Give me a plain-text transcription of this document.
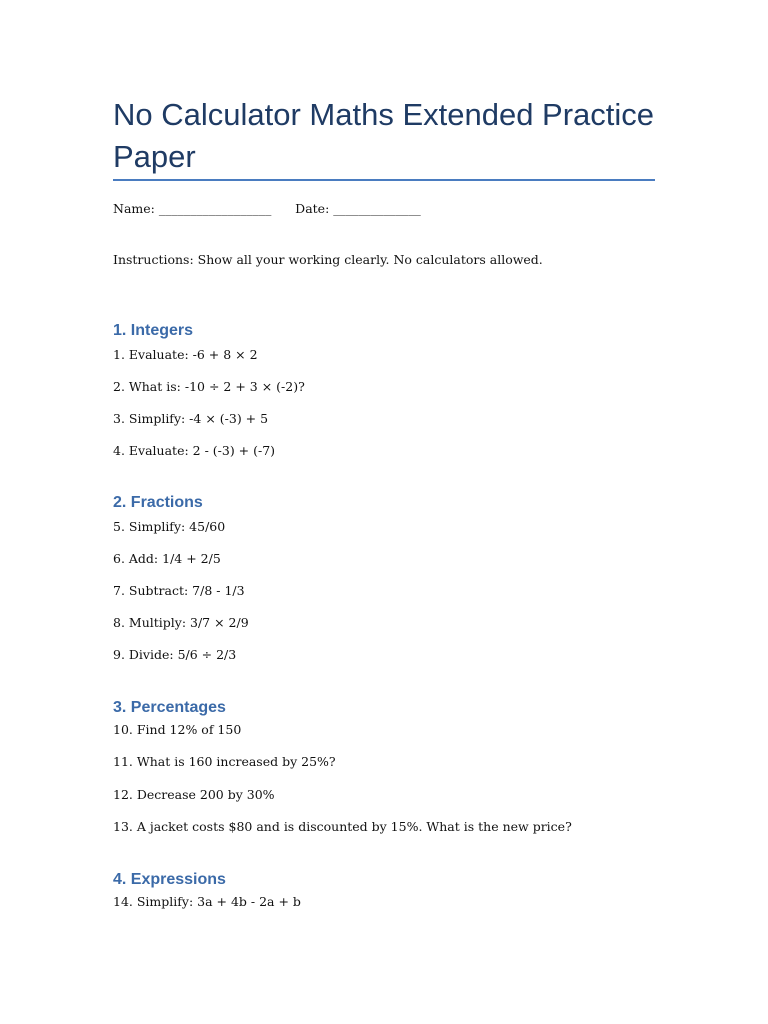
No Calculator Maths Extended Practice Paper
Name: __________________ Date: ______________
Instructions: Show all your working clearly. No calculators allowed.
1. Integers
1. Evaluate: -6 + 8 × 2
2. What is: -10 ÷ 2 + 3 × (-2)?
3. Simplify: -4 × (-3) + 5
4. Evaluate: 2 - (-3) + (-7)
2. Fractions
5. Simplify: 45/60
6. Add: 1/4 + 2/5
7. Subtract: 7/8 - 1/3
8. Multiply: 3/7 × 2/9
9. Divide: 5/6 ÷ 2/3
3. Percentages
10. Find 12% of 150
11. What is 160 increased by 25%?
12. Decrease 200 by 30%
13. A jacket costs $80 and is discounted by 15%. What is the new price?
4. Expressions
14. Simplify: 3a + 4b - 2a + b
